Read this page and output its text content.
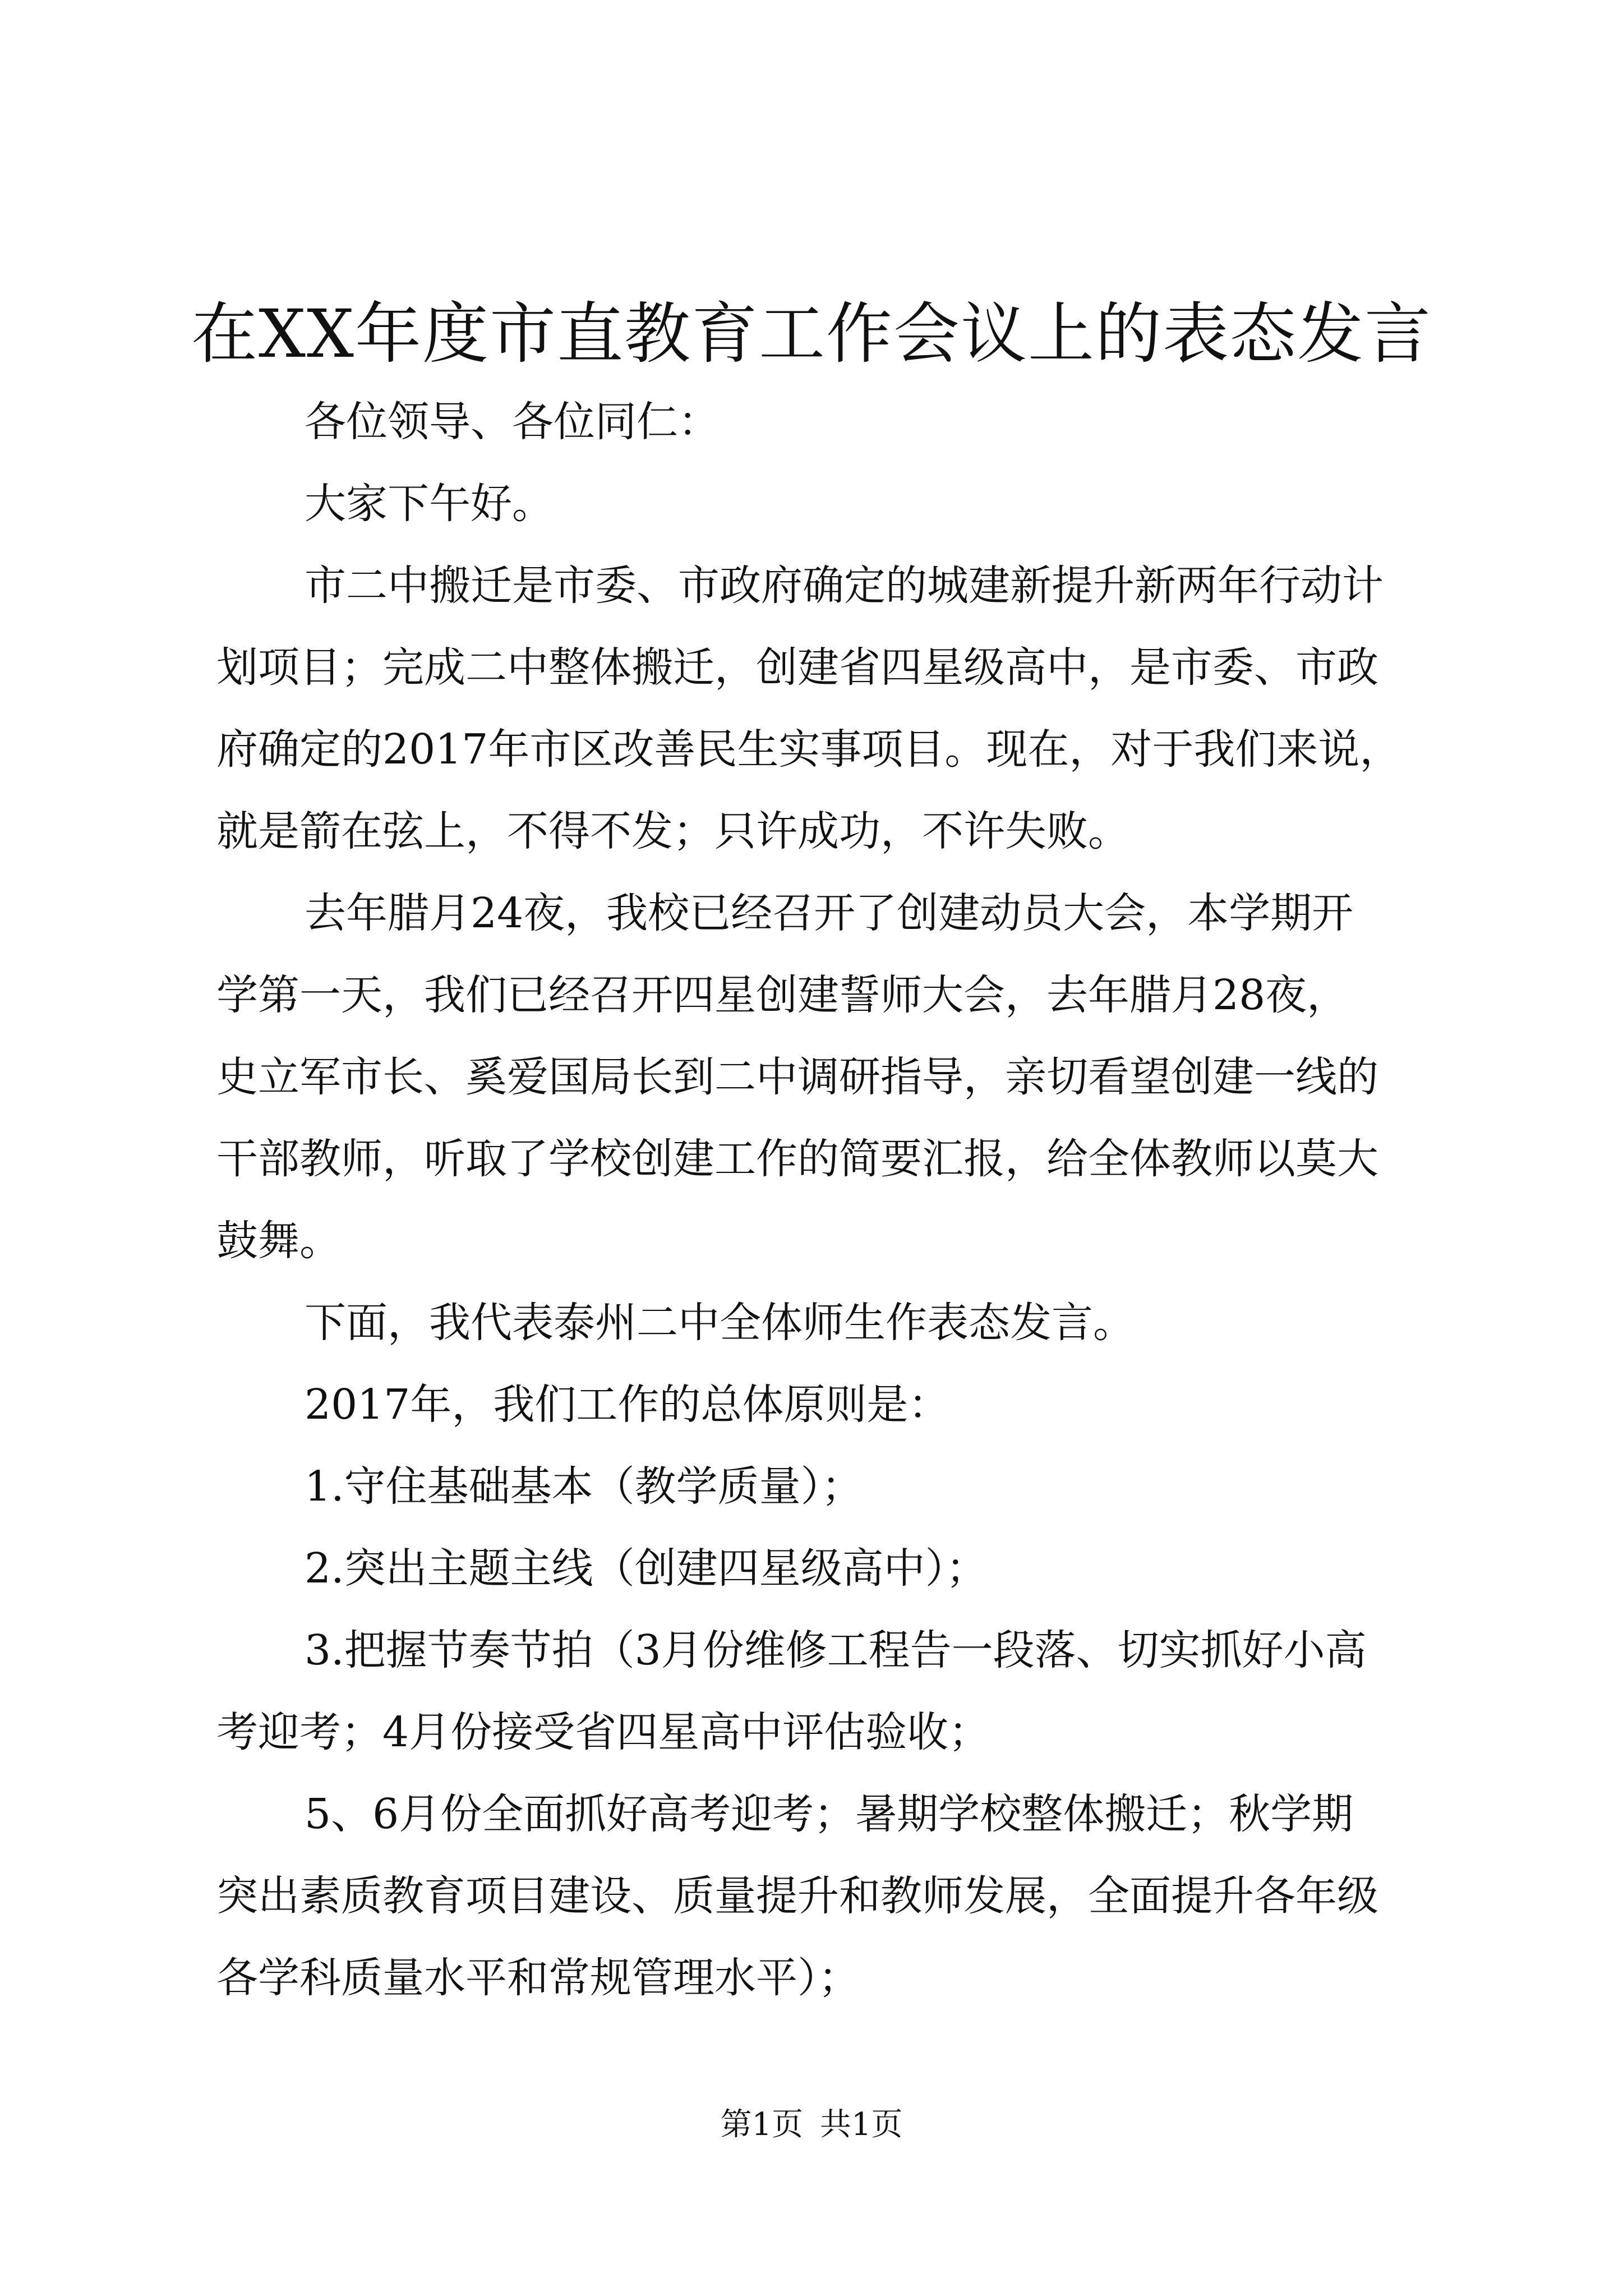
在XX年度市直教育工作会议上的表态发言
各位领导、各位同仁：
大家下午好。
市二中搬迁是市委、市政府确定的城建新提升新两年行动计
划项目；完成二中整体搬迁，创建省四星级高中，是市委、市政
府确定的2017年市区改善民生实事项目。现在，对于我们来说，
就是箭在弦上，不得不发；只许成功，不许失败。
去年腊月24夜，我校已经召开了创建动员大会，本学期开
学第一天，我们已经召开四星创建誓师大会，去年腊月28夜，
史立军市长、奚爱国局长到二中调研指导，亲切看望创建一线的
干部教师，听取了学校创建工作的简要汇报，给全体教师以莫大
鼓舞。
下面，我代表泰州二中全体师生作表态发言。
2017年，我们工作的总体原则是：
1.守住基础基本（教学质量）；
2.突出主题主线（创建四星级高中）；
3.把握节奏节拍（3月份维修工程告一段落、切实抓好小高
考迎考；4月份接受省四星高中评估验收；
5、6月份全面抓好高考迎考；暑期学校整体搬迁；秋学期
突出素质教育项目建设、质量提升和教师发展，全面提升各年级
各学科质量水平和常规管理水平）；
第1页 共1页
